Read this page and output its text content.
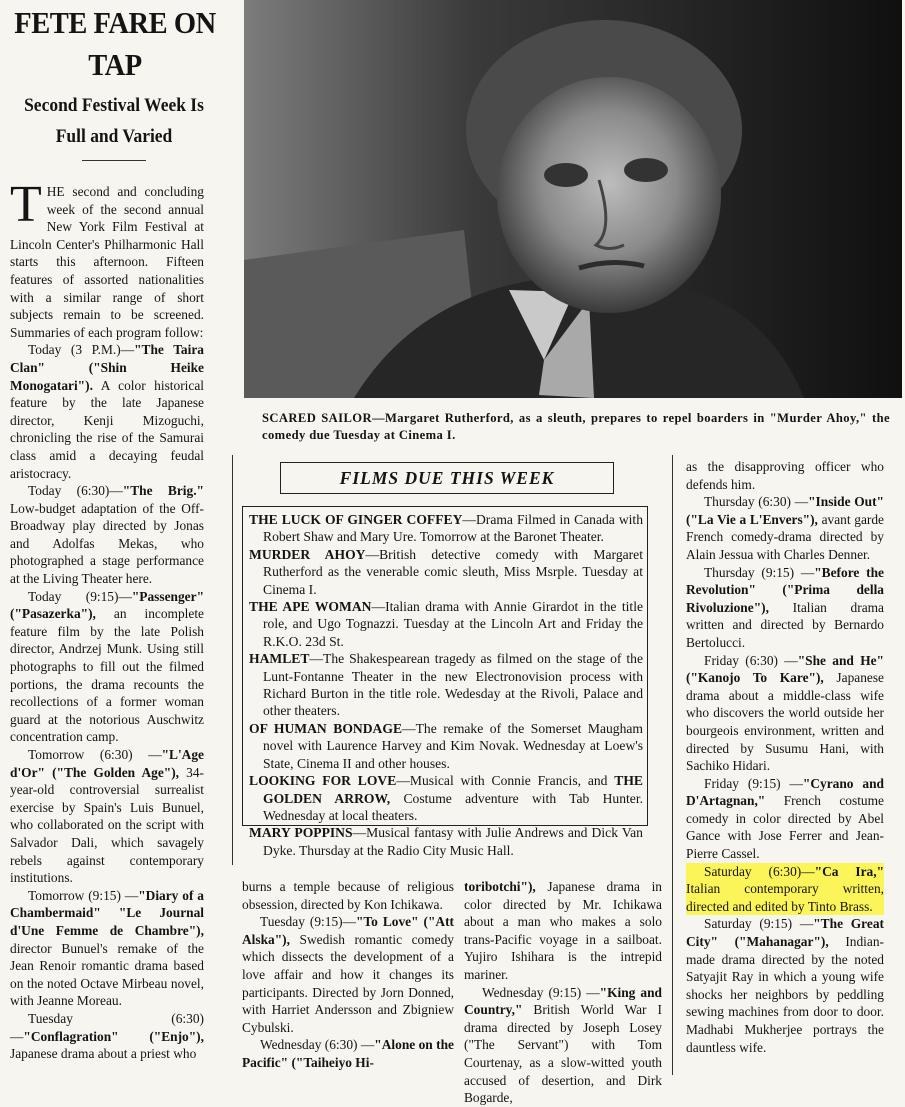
FETE FARE ON TAP
Second Festival Week Is Full and Varied

THE second and concluding week of the second annual New York Film Festival at Lincoln Center's Philharmonic Hall starts this afternoon. Fifteen features of assorted nationalities with a similar range of short subjects remain to be screened. Summaries of each program follow:

Today (3 P.M.)—"The Taira Clan" ("Shin Heike Monogatari"). A color historical feature by the late Japanese director, Kenji Mizoguchi, chronicling the rise of the Samurai class amid a decaying feudal aristocracy.

Today (6:30)—"The Brig." Low-budget adaptation of the Off-Broadway play directed by Jonas and Adolfas Mekas, who photographed a stage performance at the Living Theater here.

Today (9:15)—"Passenger" ("Pasazerka"), an incomplete feature film by the late Polish director, Andrzej Munk. Using still photographs to fill out the filmed portions, the drama recounts the recollections of a former woman guard at the notorious Auschwitz concentration camp.

Tomorrow (6:30) —"L'Age d'Or" ("The Golden Age"), 34-year-old controversial surrealist exercise by Spain's Luis Bunuel, who collaborated on the script with Salvador Dali, which savagely rebels against contemporary institutions.

Tomorrow (9:15) —"Diary of a Chambermaid" "Le Journal d'Une Femme de Chambre"), director Bunuel's remake of the Jean Renoir romantic drama based on the noted Octave Mirbeau novel, with Jeanne Moreau.

Tuesday (6:30) —"Conflagration" ("Enjo"), Japanese drama about a priest who

SCARED SAILOR—Margaret Rutherford, as a sleuth, prepares to repel boarders in "Murder Ahoy," the comedy due Tuesday at Cinema I.
FILMS DUE THIS WEEK

THE LUCK OF GINGER COFFEY—Drama Filmed in Canada with Robert Shaw and Mary Ure. Tomorrow at the Baronet Theater.

MURDER AHOY—British detective comedy with Margaret Rutherford as the venerable comic sleuth, Miss Msrple. Tuesday at Cinema I.

THE APE WOMAN—Italian drama with Annie Girardot in the title role, and Ugo Tognazzi. Tuesday at the Lincoln Art and Friday the R.K.O. 23d St.

HAMLET—The Shakespearean tragedy as filmed on the stage of the Lunt-Fontanne Theater in the new Electronovision process with Richard Burton in the title role. Wedesday at the Rivoli, Palace and other theaters.

OF HUMAN BONDAGE—The remake of the Somerset Maugham novel with Laurence Harvey and Kim Novak. Wednesday at Loew's State, Cinema II and other houses.

LOOKING FOR LOVE—Musical with Connie Francis, and THE GOLDEN ARROW, Costume adventure with Tab Hunter. Wednesday at local theaters.

MARY POPPINS—Musical fantasy with Julie Andrews and Dick Van Dyke. Thursday at the Radio City Music Hall.

burns a temple because of religious obsession, directed by Kon Ichikawa.

Tuesday (9:15)—"To Love" ("Att Alska"), Swedish romantic comedy which dissects the development of a love affair and how it changes its participants. Directed by Jorn Donned, with Harriet Andersson and Zbigniew Cybulski.

Wednesday (6:30) —"Alone on the Pacific" ("Taiheiyo Hi-

toribotchi"), Japanese drama in color directed by Mr. Ichikawa about a man who makes a solo trans-Pacific voyage in a sailboat. Yujiro Ishihara is the intrepid mariner.

Wednesday (9:15) —"King and Country," British World War I drama directed by Joseph Losey ("The Servant") with Tom Courtenay, as a slow-witted youth accused of desertion, and Dirk Bogarde,

as the disapproving officer who defends him.

Thursday (6:30) —"Inside Out" ("La Vie a L'Envers"), avant garde French comedy-drama directed by Alain Jessua with Charles Denner.

Thursday (9:15) —"Before the Revolution" ("Prima della Rivoluzione"), Italian drama written and directed by Bernardo Bertolucci.

Friday (6:30) —"She and He" ("Kanojo To Kare"), Japanese drama about a middle-class wife who discovers the world outside her bourgeois environment, written and directed by Susumu Hani, with Sachiko Hidari.

Friday (9:15) —"Cyrano and D'Artagnan," French costume comedy in color directed by Abel Gance with Jose Ferrer and Jean-Pierre Cassel.

Saturday (6:30)—"Ca Ira," Italian contemporary written, directed and edited by Tinto Brass.

Saturday (9:15) —"The Great City" ("Mahanagar"), Indian-made drama directed by the noted Satyajit Ray in which a young wife shocks her neighbors by peddling sewing machines from door to door. Madhabi Mukherjee portrays the dauntless wife.
